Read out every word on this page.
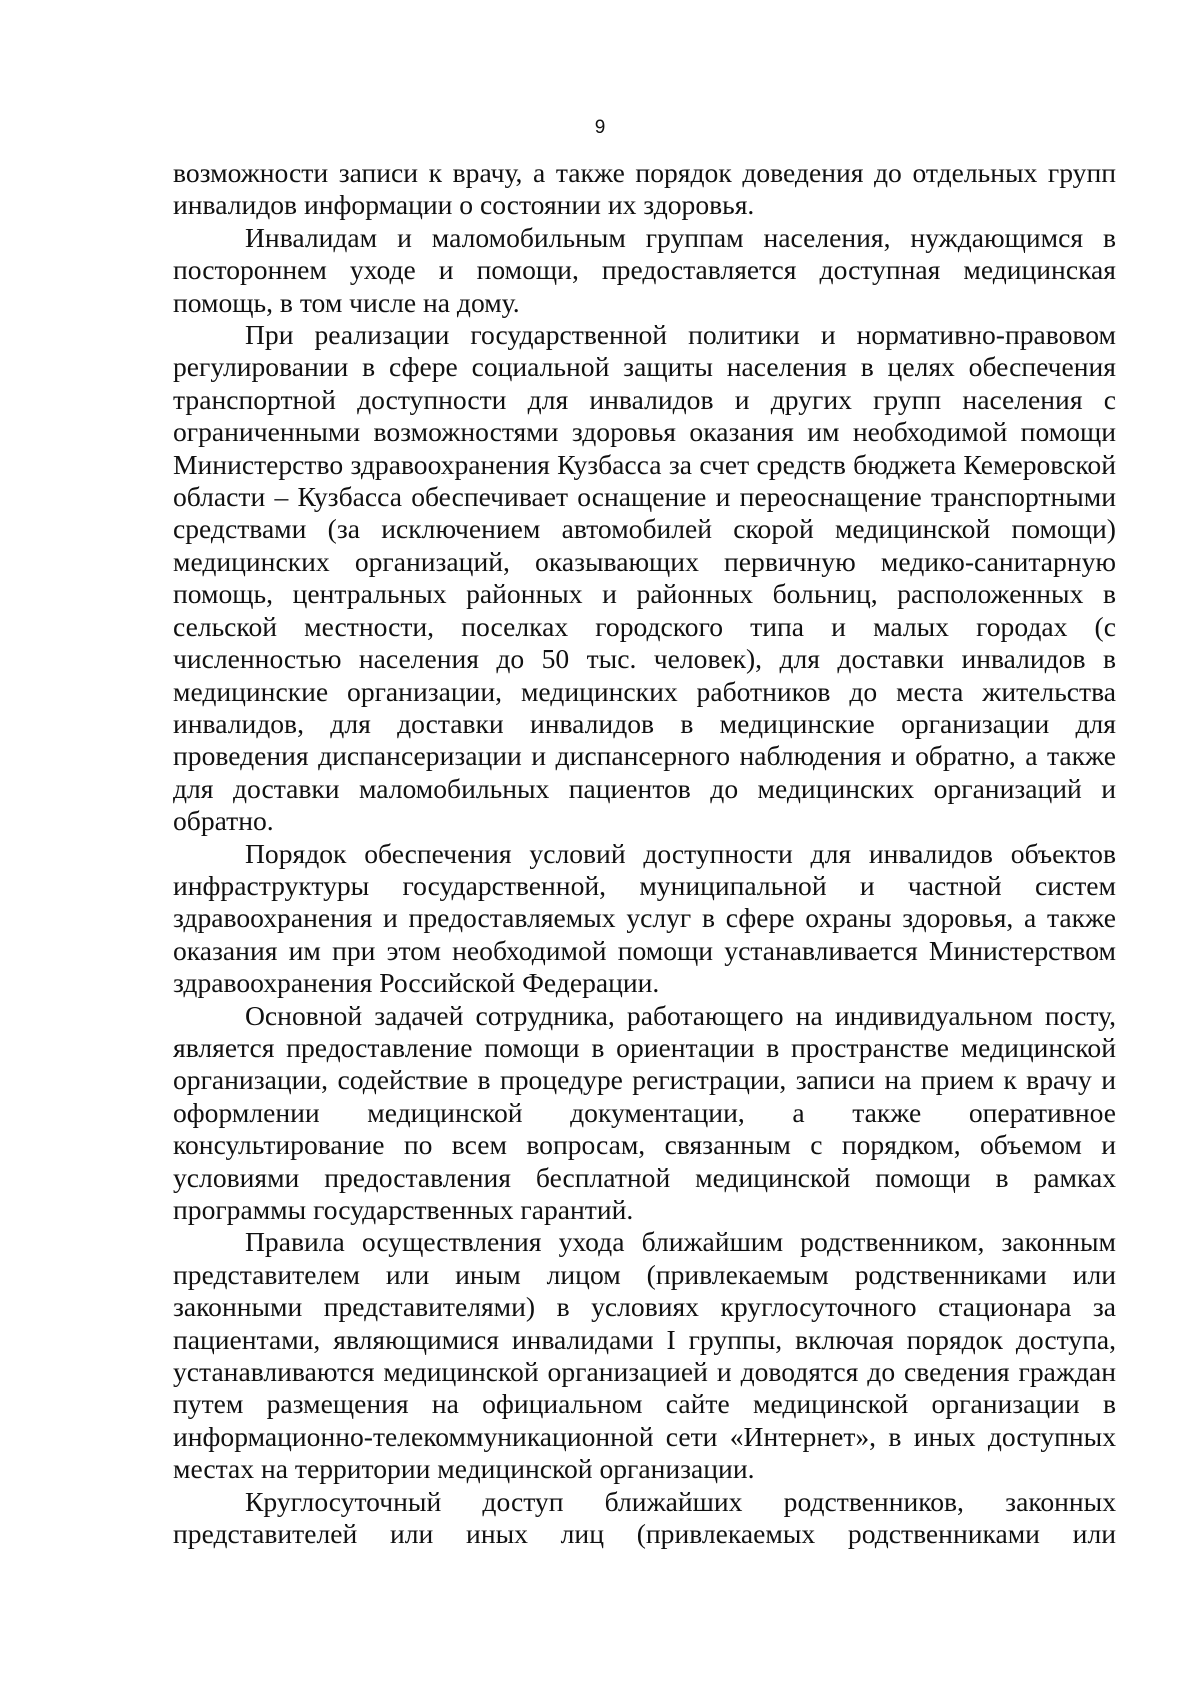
9

возможности записи к врачу, а также порядок доведения до отдельных групп инвалидов информации о состоянии их здоровья.

Инвалидам и маломобильным группам населения, нуждающимся в постороннем уходе и помощи, предоставляется доступная медицинская помощь, в том числе на дому.

При реализации государственной политики и нормативно-правовом регулировании в сфере социальной защиты населения в целях обеспечения транспортной доступности для инвалидов и других групп населения с ограниченными возможностями здоровья оказания им необходимой помощи Министерство здравоохранения Кузбасса за счет средств бюджета Кемеровской области – Кузбасса обеспечивает оснащение и переоснащение транспортными средствами (за исключением автомобилей скорой медицинской помощи) медицинских организаций, оказывающих первичную медико-санитарную помощь, центральных районных и районных больниц, расположенных в сельской местности, поселках городского типа и малых городах (с численностью населения до 50 тыс. человек), для доставки инвалидов в медицинские организации, медицинских работников до места жительства инвалидов, для доставки инвалидов в медицинские организации для проведения диспансеризации и диспансерного наблюдения и обратно, а также для доставки маломобильных пациентов до медицинских организаций и обратно.

Порядок обеспечения условий доступности для инвалидов объектов инфраструктуры государственной, муниципальной и частной систем здравоохранения и предоставляемых услуг в сфере охраны здоровья, а также оказания им при этом необходимой помощи устанавливается Министерством здравоохранения Российской Федерации.

Основной задачей сотрудника, работающего на индивидуальном посту, является предоставление помощи в ориентации в пространстве медицинской организации, содействие в процедуре регистрации, записи на прием к врачу и оформлении медицинской документации, а также оперативное консультирование по всем вопросам, связанным с порядком, объемом и условиями предоставления бесплатной медицинской помощи в рамках программы государственных гарантий.

Правила осуществления ухода ближайшим родственником, законным представителем или иным лицом (привлекаемым родственниками или законными представителями) в условиях круглосуточного стационара за пациентами, являющимися инвалидами I группы, включая порядок доступа, устанавливаются медицинской организацией и доводятся до сведения граждан путем размещения на официальном сайте медицинской организации в информационно-телекоммуникационной сети «Интернет», в иных доступных местах на территории медицинской организации.

Круглосуточный доступ ближайших родственников, законных представителей или иных лиц (привлекаемых родственниками или
